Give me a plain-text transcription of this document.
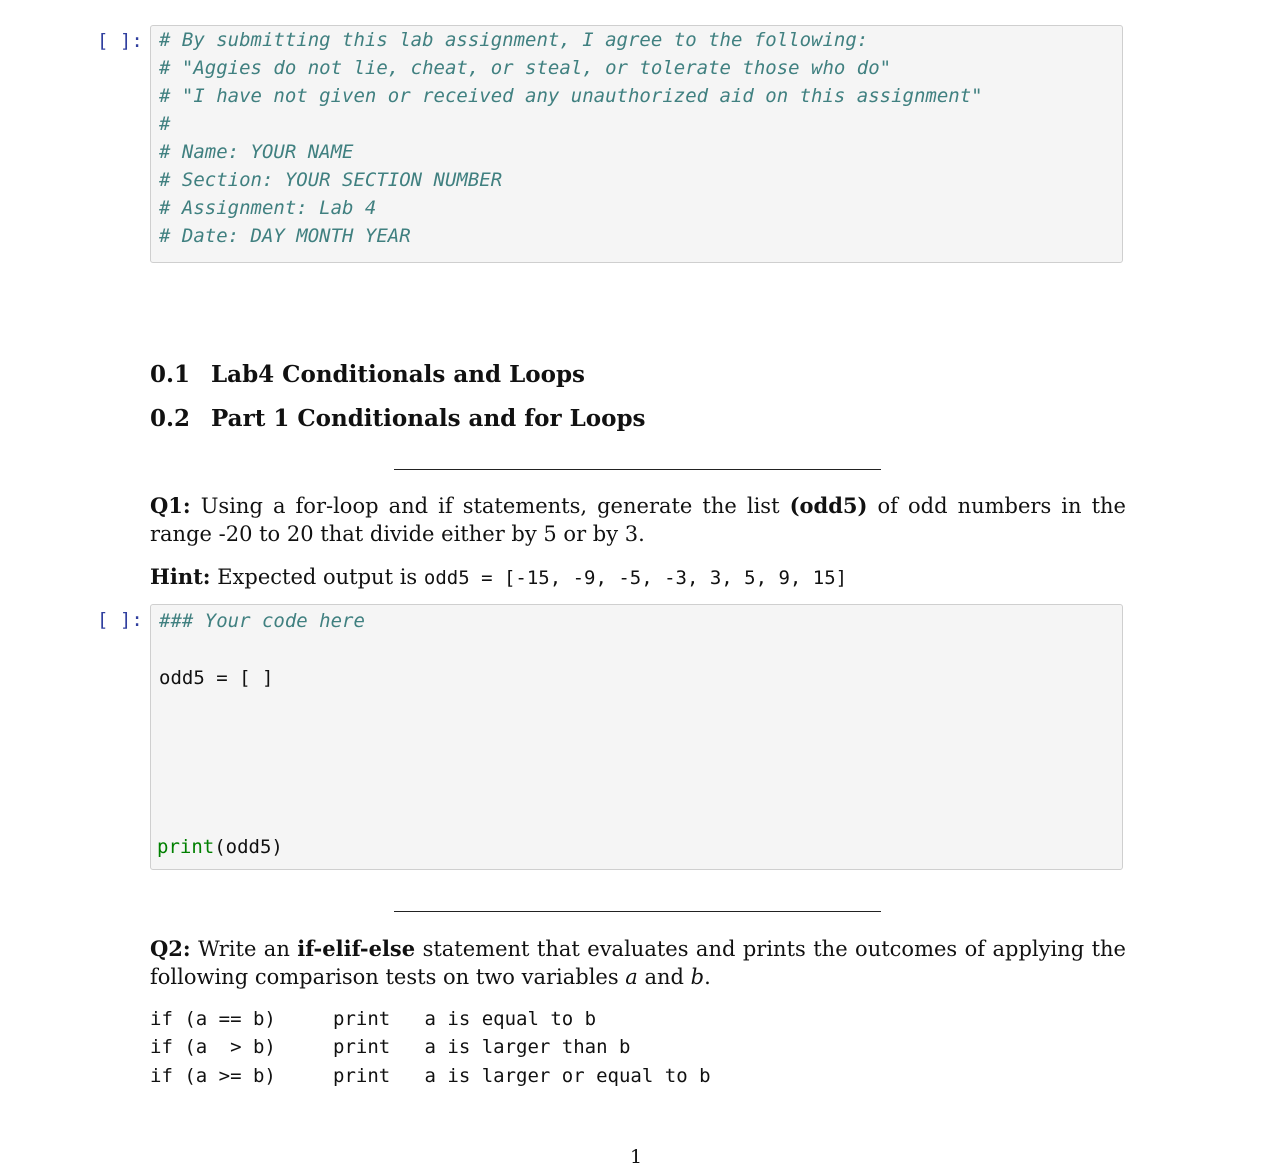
[ ]: # By submitting this lab assignment, I agree to the following:
# "Aggies do not lie, cheat, or steal, or tolerate those who do"
# "I have not given or received any unauthorized aid on this assignment"
#
# Name: YOUR NAME
# Section: YOUR SECTION NUMBER
# Assignment: Lab 4
# Date: DAY MONTH YEAR
0.1 Lab4 Conditionals and Loops
0.2 Part 1 Conditionals and for Loops
Q1: Using a for-loop and if statements, generate the list (odd5) of odd numbers in the range -20 to 20 that divide either by 5 or by 3.
Hint: Expected output is odd5 = [-15, -9, -5, -3, 3, 5, 9, 15]
[ ]: ### Your code here
odd5 = [ ]
print(odd5)
Q2: Write an if-elif-else statement that evaluates and prints the outcomes of applying the following comparison tests on two variables a and b.
if (a == b)     print   a is equal to b
if (a  > b)     print   a is larger than b
if (a >= b)     print   a is larger or equal to b
1
